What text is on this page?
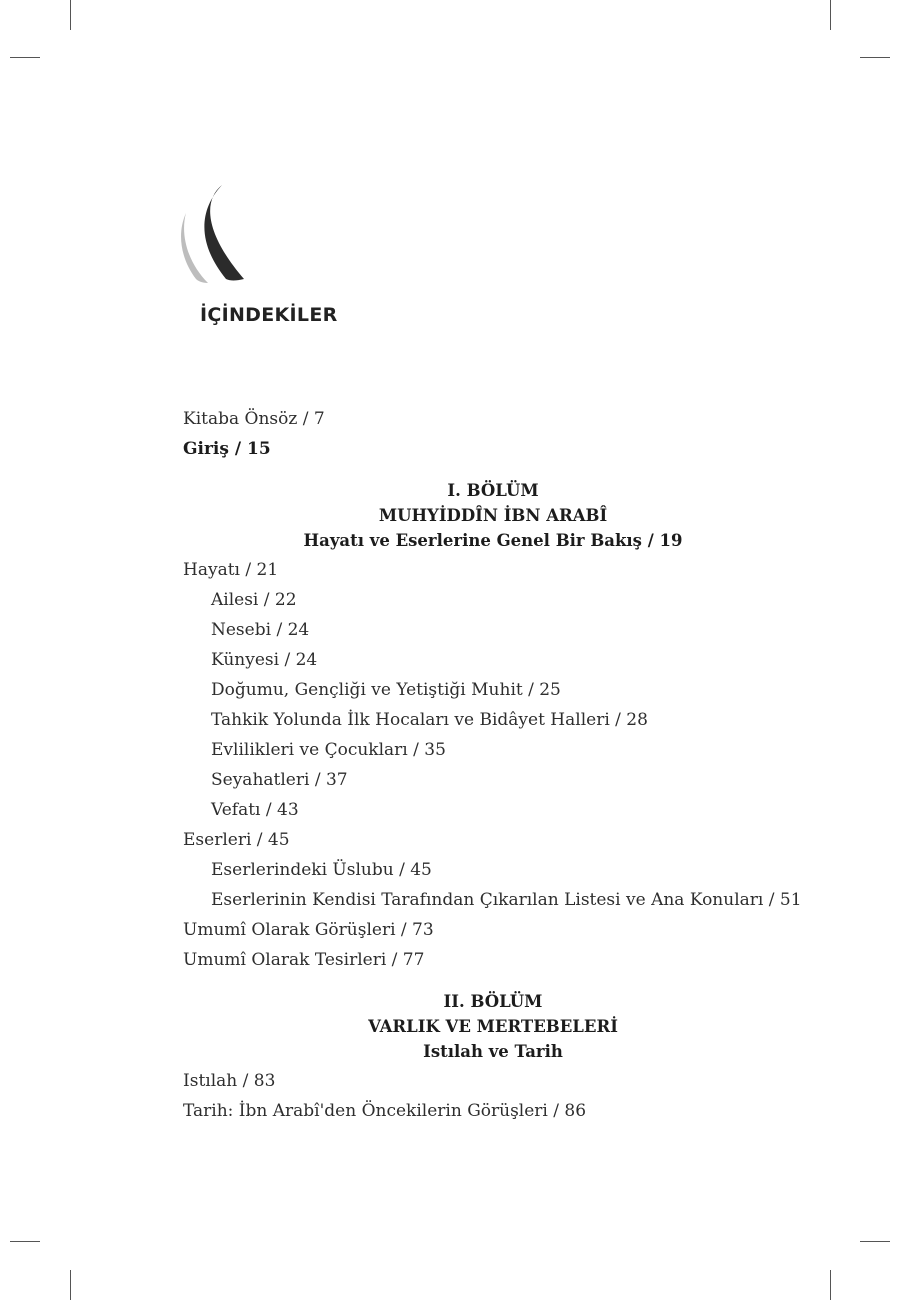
İÇİNDEKİLER
Kitaba Önsöz / 7
Giriş / 15
I. BÖLÜM
MUHYİDDÎN İBN ARABÎ
Hayatı ve Eserlerine Genel Bir Bakış / 19
Hayatı / 21
Ailesi / 22
Nesebi / 24
Künyesi / 24
Doğumu, Gençliği ve Yetiştiği Muhit / 25
Tahkik Yolunda İlk Hocaları ve Bidâyet Halleri / 28
Evlilikleri ve Çocukları / 35
Seyahatleri / 37
Vefatı / 43
Eserleri / 45
Eserlerindeki Üslubu / 45
Eserlerinin Kendisi Tarafından Çıkarılan Listesi ve Ana Konuları / 51
Umumî Olarak Görüşleri / 73
Umumî Olarak Tesirleri / 77
II. BÖLÜM
VARLIK VE MERTEBELERİ
Istılah ve Tarih
Istılah / 83
Tarih: İbn Arabî'den Öncekilerin Görüşleri / 86
